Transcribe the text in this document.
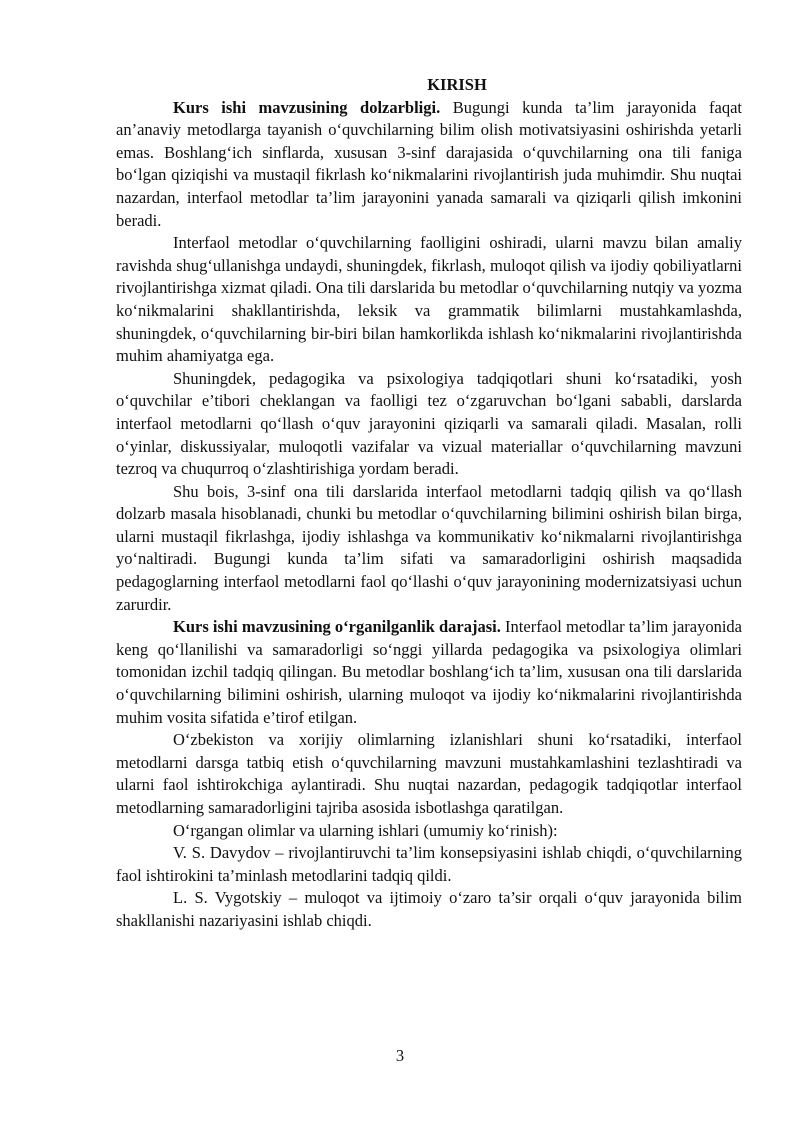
KIRISH

Kurs ishi mavzusining dolzarbligi. Bugungi kunda ta’lim jarayonida faqat an’anaviy metodlarga tayanish o‘quvchilarning bilim olish motivatsiyasini oshirishda yetarli emas. Boshlang‘ich sinflarda, xususan 3-sinf darajasida o‘quvchilarning ona tili faniga bo‘lgan qiziqishi va mustaqil fikrlash ko‘nikmalarini rivojlantirish juda muhimdir. Shu nuqtai nazardan, interfaol metodlar ta’lim jarayonini yanada samarali va qiziqarli qilish imkonini beradi.

Interfaol metodlar o‘quvchilarning faolligini oshiradi, ularni mavzu bilan amaliy ravishda shug‘ullanishga undaydi, shuningdek, fikrlash, muloqot qilish va ijodiy qobiliyatlarni rivojlantirishga xizmat qiladi. Ona tili darslarida bu metodlar o‘quvchilarning nutqiy va yozma ko‘nikmalarini shakllantirishda, leksik va grammatik bilimlarni mustahkamlashda, shuningdek, o‘quvchilarning bir-biri bilan hamkorlikda ishlash ko‘nikmalarini rivojlantirishda muhim ahamiyatga ega.

Shuningdek, pedagogika va psixologiya tadqiqotlari shuni ko‘rsatadiki, yosh o‘quvchilar e’tibori cheklangan va faolligi tez o‘zgaruvchan bo‘lgani sababli, darslarda interfaol metodlarni qo‘llash o‘quv jarayonini qiziqarli va samarali qiladi. Masalan, rolli o‘yinlar, diskussiyalar, muloqotli vazifalar va vizual materiallar o‘quvchilarning mavzuni tezroq va chuqurroq o‘zlashtirishiga yordam beradi.

Shu bois, 3-sinf ona tili darslarida interfaol metodlarni tadqiq qilish va qo‘llash dolzarb masala hisoblanadi, chunki bu metodlar o‘quvchilarning bilimini oshirish bilan birga, ularni mustaqil fikrlashga, ijodiy ishlashga va kommunikativ ko‘nikmalarni rivojlantirishga yo‘naltiradi. Bugungi kunda ta’lim sifati va samaradorligini oshirish maqsadida pedagoglarning interfaol metodlarni faol qo‘llashi o‘quv jarayonining modernizatsiyasi uchun zarurdir.

Kurs ishi mavzusining o‘rganilganlik darajasi. Interfaol metodlar ta’lim jarayonida keng qo‘llanilishi va samaradorligi so‘nggi yillarda pedagogika va psixologiya olimlari tomonidan izchil tadqiq qilingan. Bu metodlar boshlang‘ich ta’lim, xususan ona tili darslarida o‘quvchilarning bilimini oshirish, ularning muloqot va ijodiy ko‘nikmalarini rivojlantirishda muhim vosita sifatida e’tirof etilgan.

O‘zbekiston va xorijiy olimlarning izlanishlari shuni ko‘rsatadiki, interfaol metodlarni darsga tatbiq etish o‘quvchilarning mavzuni mustahkamlashini tezlashtiradi va ularni faol ishtirokchiga aylantiradi. Shu nuqtai nazardan, pedagogik tadqiqotlar interfaol metodlarning samaradorligini tajriba asosida isbotlashga qaratilgan.

O‘rgangan olimlar va ularning ishlari (umumiy ko‘rinish):

V. S. Davydov – rivojlantiruvchi ta’lim konsepsiyasini ishlab chiqdi, o‘quvchilarning faol ishtirokini ta’minlash metodlarini tadqiq qildi.

L. S. Vygotskiy – muloqot va ijtimoiy o‘zaro ta’sir orqali o‘quv jarayonida bilim shakllanishi nazariyasini ishlab chiqdi.

3
